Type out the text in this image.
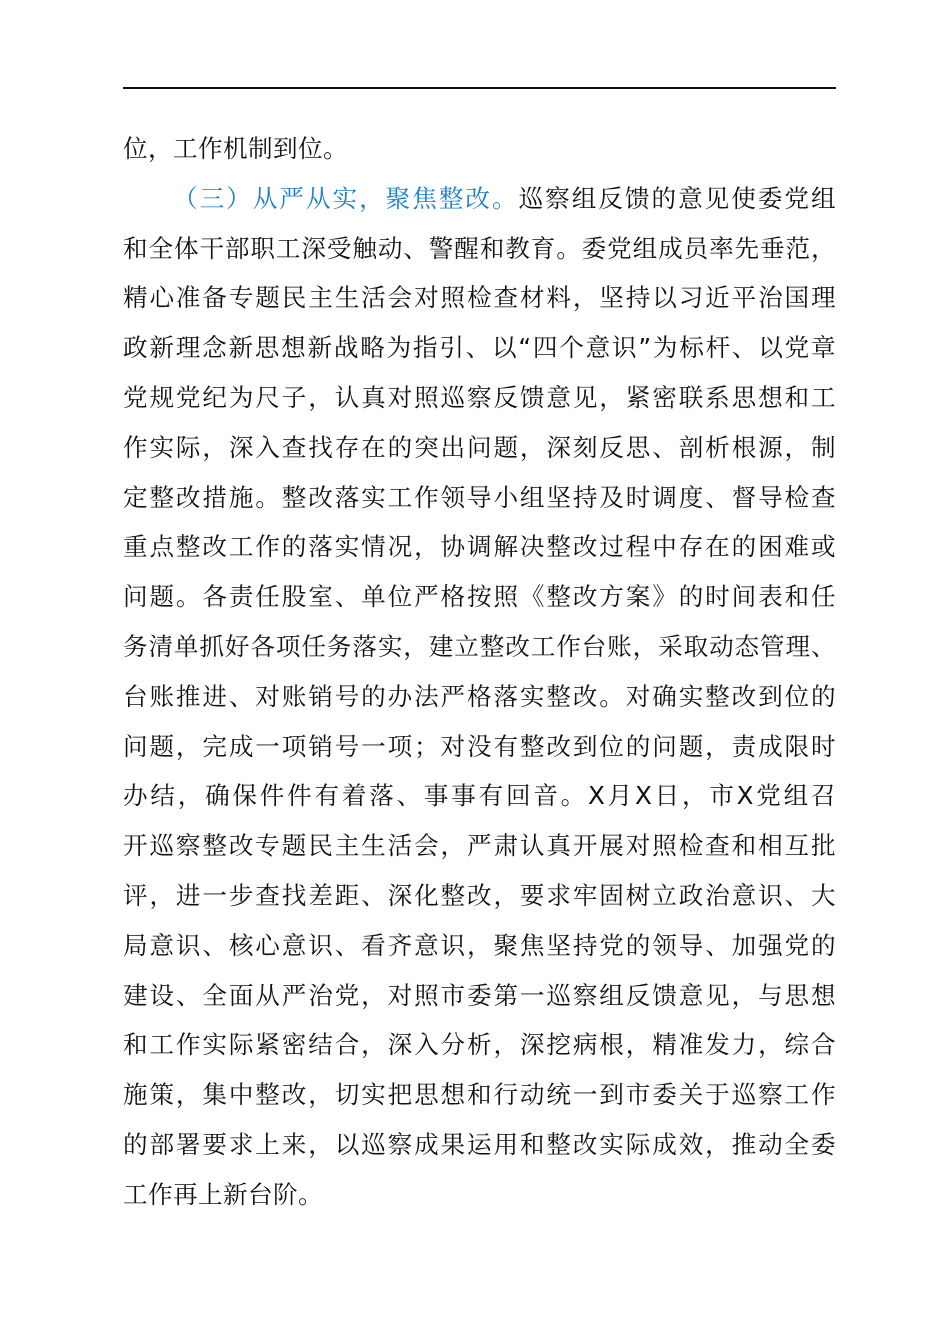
位，工作机制到位。
（三）从严从实，聚焦整改。巡察组反馈的意见使委党组
和全体干部职工深受触动、警醒和教育。委党组成员率先垂范，
精心准备专题民主生活会对照检查材料，坚持以习近平治国理
政新理念新思想新战略为指引、以“四个意识”为标杆、以党章
党规党纪为尺子，认真对照巡察反馈意见，紧密联系思想和工
作实际，深入查找存在的突出问题，深刻反思、剖析根源，制
定整改措施。整改落实工作领导小组坚持及时调度、督导检查
重点整改工作的落实情况，协调解决整改过程中存在的困难或
问题。各责任股室、单位严格按照《整改方案》的时间表和任
务清单抓好各项任务落实，建立整改工作台账，采取动态管理、
台账推进、对账销号的办法严格落实整改。对确实整改到位的
问题，完成一项销号一项；对没有整改到位的问题，责成限时
办结，确保件件有着落、事事有回音。X月X日，市X党组召
开巡察整改专题民主生活会，严肃认真开展对照检查和相互批
评，进一步查找差距、深化整改，要求牢固树立政治意识、大
局意识、核心意识、看齐意识，聚焦坚持党的领导、加强党的
建设、全面从严治党，对照市委第一巡察组反馈意见，与思想
和工作实际紧密结合，深入分析，深挖病根，精准发力，综合
施策，集中整改，切实把思想和行动统一到市委关于巡察工作
的部署要求上来，以巡察成果运用和整改实际成效，推动全委
工作再上新台阶。
